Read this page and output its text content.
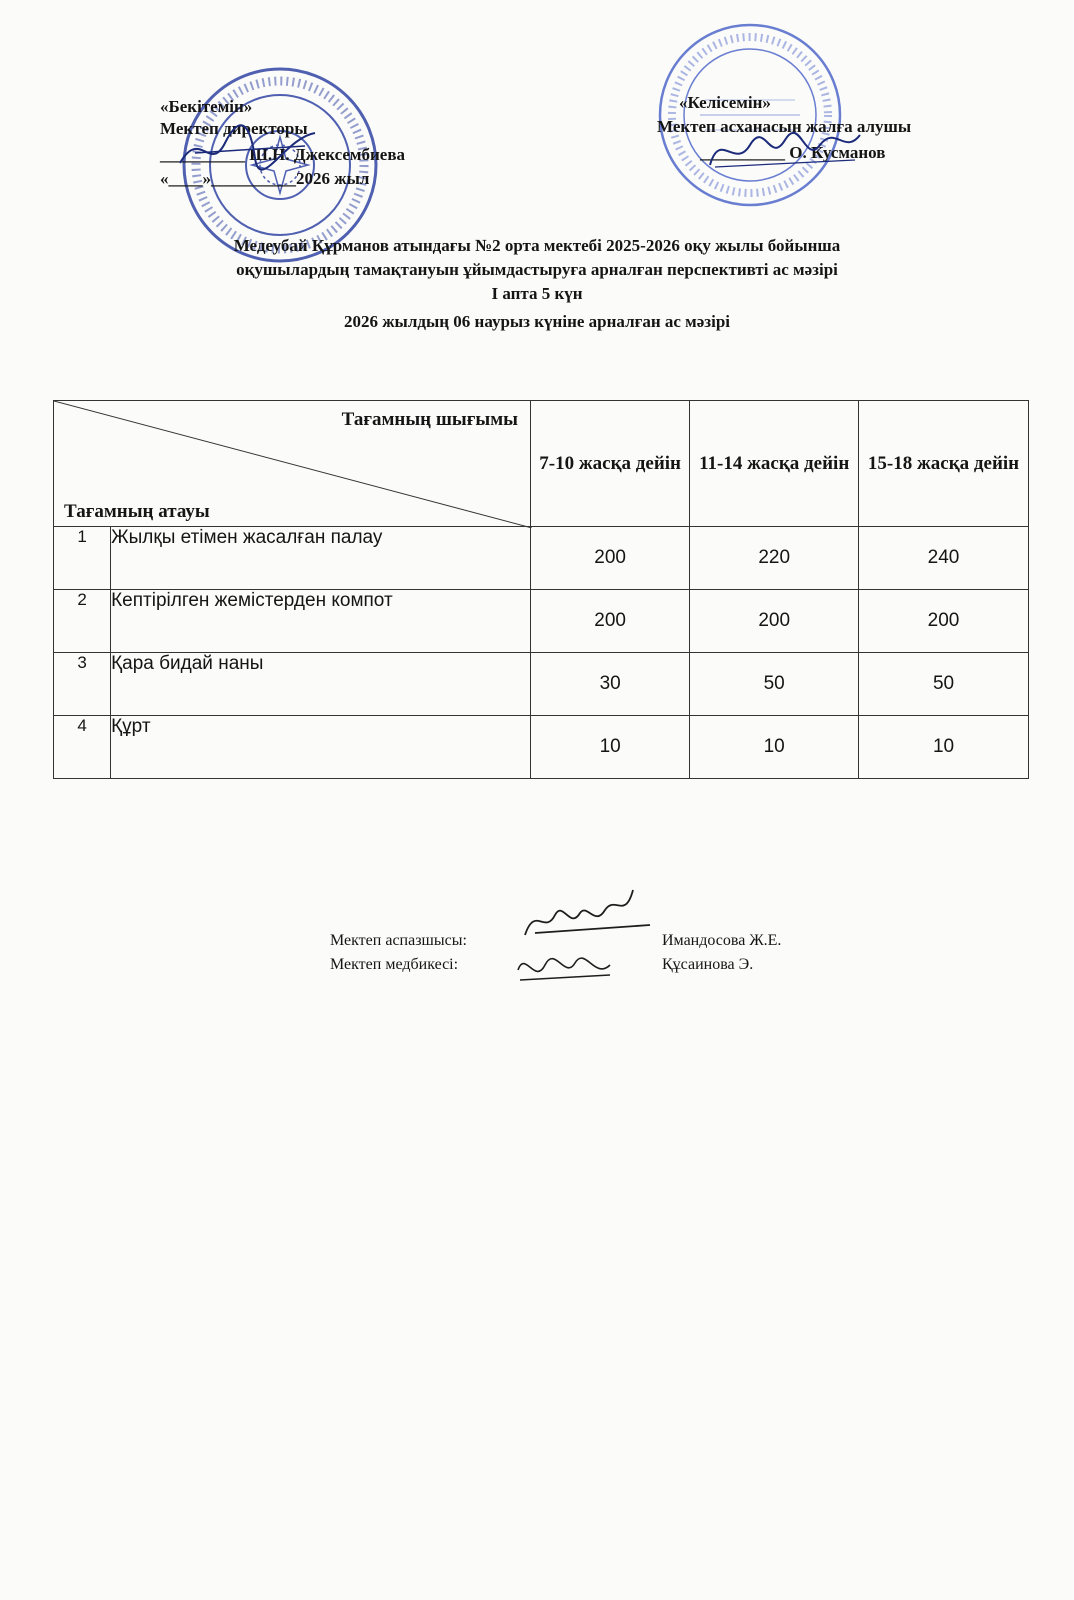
«Бекітемін»
Мектеп директоры
__________ Ш.Н. Джексембиева
«____»__________2026 жыл
«Келісемін»
Мектеп асханасын жалға алушы
__________ О. Кусманов
Медеубай Құрманов атындағы №2 орта мектебі 2025-2026 оқу жылы бойынша
оқушылардың тамақтануын ұйымдастыруға арналған перспективті ас мәзірі
І апта 5 күн
2026 жылдың 06 наурыз күніне арналған ас мәзірі
Тағамның шығымы
Тағамның атауы		7-10 жасқа дейін	11-14 жасқа дейін	15-18 жасқа дейін
1	Жылқы етімен жасалған палау	200	220	240
2	Кептірілген жемістерден компот	200	200	200
3	Қара бидай наны	30	50	50
4	Құрт	10	10	10
Мектеп аспазшысы:
Мектеп медбикесі:
Имандосова Ж.Е.
Құсаинова Э.
